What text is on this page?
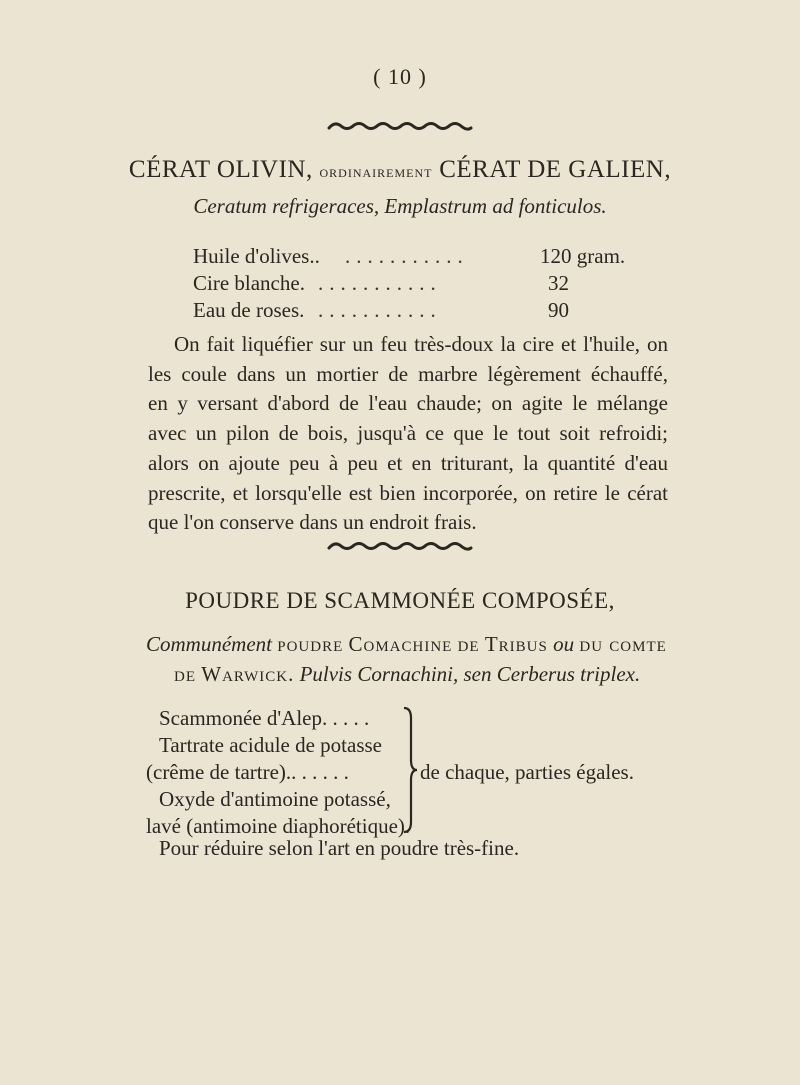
( 10 )
CÉRAT OLIVIN, ordinairement CÉRAT DE GALIEN,
Ceratum refrigeraces, Emplastrum ad fonticulos.
Huile d'olives.. ...........	120 gram.
Cire blanche. ...........	32
Eau de roses. ...........	90
On fait liquéfier sur un feu très-doux la cire et l'huile, on
les coule dans un mortier de marbre légèrement échauffé,
en y versant d'abord de l'eau chaude; on agite le mélange
avec un pilon de bois, jusqu'à ce que le tout soit refroidi;
alors on ajoute peu à peu et en triturant, la quantité d'eau
prescrite, et lorsqu'elle est bien incorporée, on retire le cérat
que l'on conserve dans un endroit frais.
POUDRE DE SCAMMONÉE COMPOSÉE,
Communément poudre Comachine de Tribus ou du comte
de Warwick. Pulvis Cornachini, sen Cerberus triplex.
Scammonée d'Alep. . . . .
Tartrate acidule de potasse
(crême de tartre).. . . . . .
Oxyde d'antimoine potassé,
lavé (antimoine diaphorétique).
de chaque, parties égales.
Pour réduire selon l'art en poudre très-fine.
